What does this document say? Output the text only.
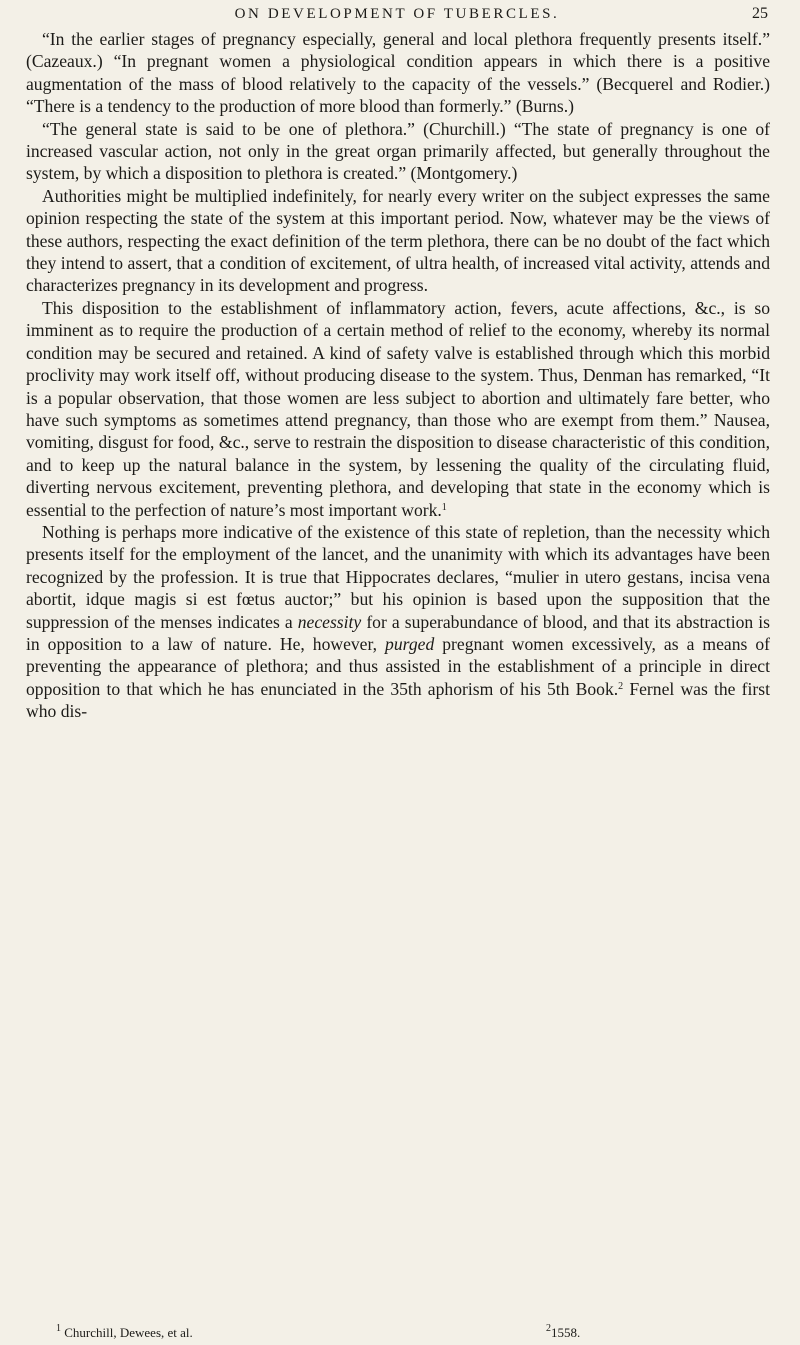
ON DEVELOPMENT OF TUBERCLES.	25

“In the earlier stages of pregnancy especially, general and local plethora frequently presents itself.” (Cazeaux.) “In pregnant women a physiological condition appears in which there is a positive augmentation of the mass of blood relatively to the capacity of the vessels.” (Becquerel and Rodier.) “There is a tendency to the production of more blood than formerly.” (Burns.)

“The general state is said to be one of plethora.” (Churchill.) “The state of pregnancy is one of increased vascular action, not only in the great organ primarily affected, but generally throughout the system, by which a disposition to plethora is created.” (Montgomery.)

Authorities might be multiplied indefinitely, for nearly every writer on the subject expresses the same opinion respecting the state of the system at this important period. Now, whatever may be the views of these authors, respecting the exact definition of the term plethora, there can be no doubt of the fact which they intend to assert, that a condition of excitement, of ultra health, of increased vital activity, attends and characterizes pregnancy in its development and progress.

This disposition to the establishment of inflammatory action, fevers, acute affections, &c., is so imminent as to require the production of a certain method of relief to the economy, whereby its normal condition may be secured and retained. A kind of safety valve is established through which this morbid proclivity may work itself off, without producing disease to the system. Thus, Denman has remarked, “It is a popular observation, that those women are less subject to abortion and ultimately fare better, who have such symptoms as sometimes attend pregnancy, than those who are exempt from them.” Nausea, vomiting, disgust for food, &c., serve to restrain the disposition to disease characteristic of this condition, and to keep up the natural balance in the system, by lessening the quality of the circulating fluid, diverting nervous excitement, preventing plethora, and developing that state in the economy which is essential to the perfection of nature’s most important work.$^1$

Nothing is perhaps more indicative of the existence of this state of repletion, than the necessity which presents itself for the employment of the lancet, and the unanimity with which its advantages have been recognized by the profession. It is true that Hippocrates declares, “mulier in utero gestans, incisa vena abortit, idque magis si est fœtus auctor;” but his opinion is based upon the supposition that the suppression of the menses indicates a necessity for a superabundance of blood, and that its abstraction is in opposition to a law of nature. He, however, purged pregnant women excessively, as a means of preventing the appearance of plethora; and thus assisted in the establishment of a principle in direct opposition to that which he has enunciated in the 35th aphorism of his 5th Book.$^2$ Fernel was the first who dis-

$^1$ Churchill, Dewees, et al.	$^2$1558.
